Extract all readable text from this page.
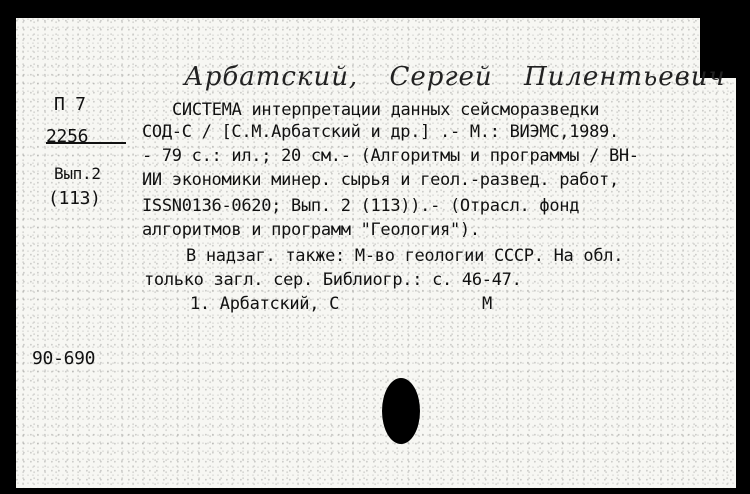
Арбатский, Сергей Пилентьевич
П 7
2256
Вып.2
(113)
СИСТЕМА интерпретации данных сейсморазведки
СОД-С / [С.М.Арбатский и др.] .- М.: ВИЭМС,1989.
- 79 с.: ил.; 20 см.- (Алгоритмы и программы / ВН-
ИИ экономики минер. сырья и геол.-развед. работ,
ISSN0136-0620; Вып. 2 (113)).- (Отрасл. фонд
алгоритмов и программ "Геология").
В надзаг. также: М-во геологии СССР. На обл.
только загл. сер. Библиогр.: с. 46-47.
1. Арбатский, С	М
90-690
